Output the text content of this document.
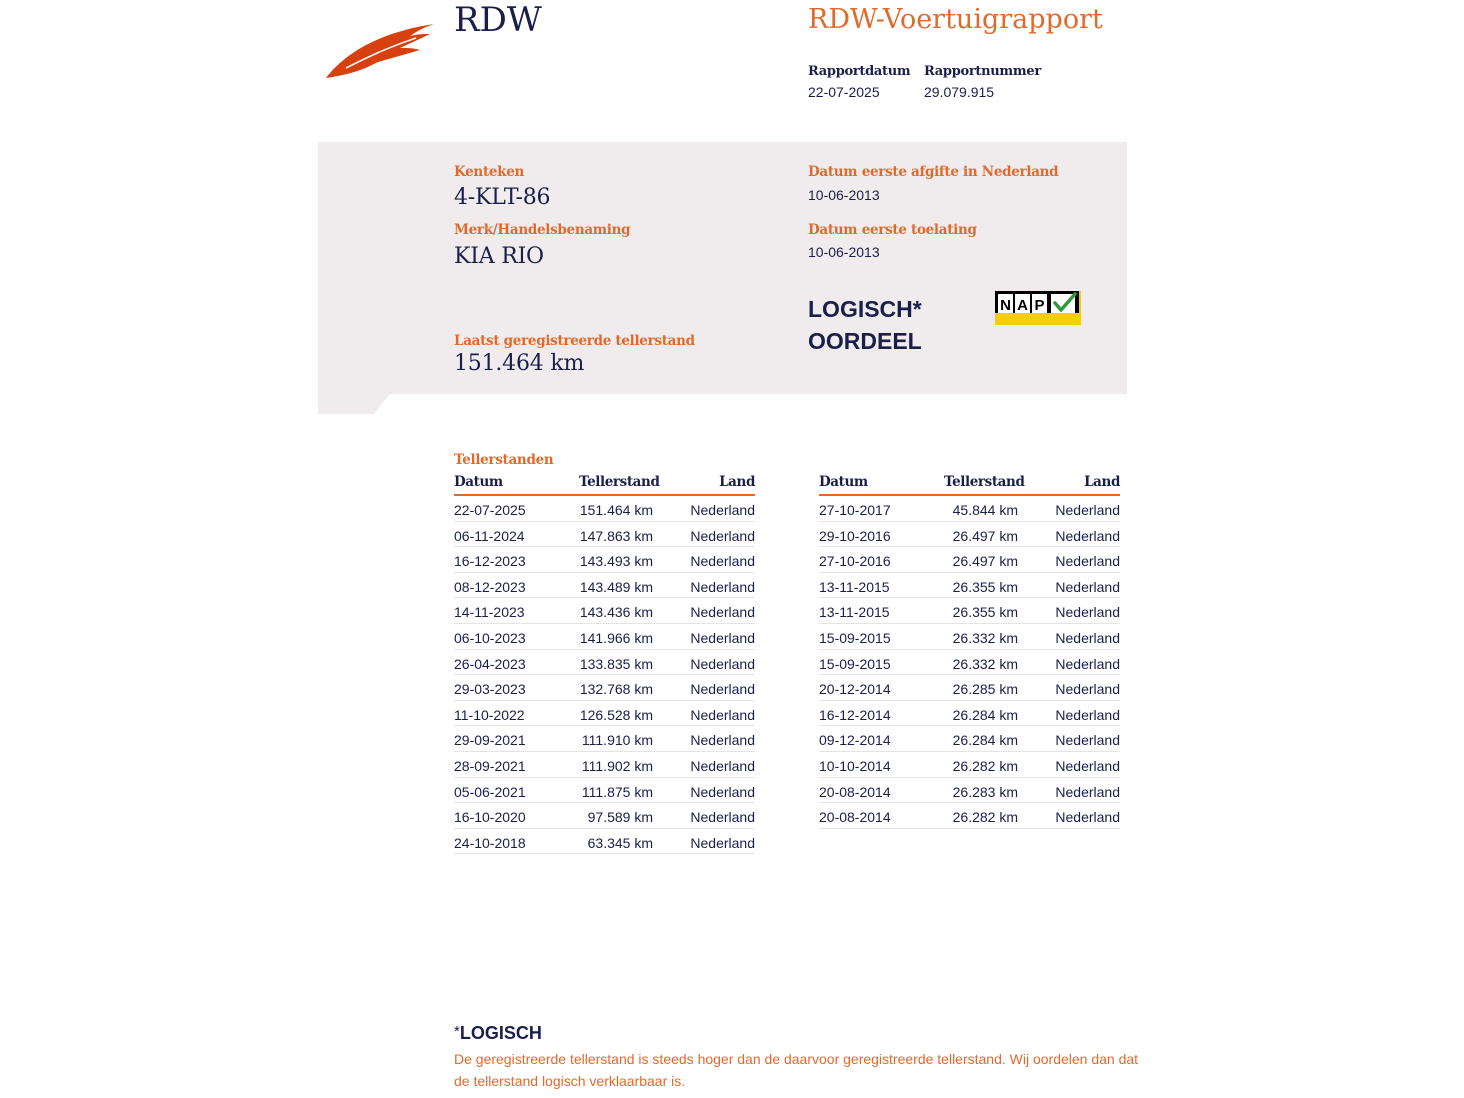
RDW	RDW-Voertuigrapport
Rapportdatum
22-07-2025
Rapportnummer
29.079.915
Kenteken
4-KLT-86
Merk/Handelsbenaming
KIA RIO
Datum eerste afgifte in Nederland
10-06-2013
Datum eerste toelating
10-06-2013
LOGISCH*
OORDEEL
N A P
Laatst geregistreerde tellerstand
151.464 km
Tellerstanden
Datum	Tellerstand	Land
22-07-2025	151.464 km	Nederland
06-11-2024	147.863 km	Nederland
16-12-2023	143.493 km	Nederland
08-12-2023	143.489 km	Nederland
14-11-2023	143.436 km	Nederland
06-10-2023	141.966 km	Nederland
26-04-2023	133.835 km	Nederland
29-03-2023	132.768 km	Nederland
11-10-2022	126.528 km	Nederland
29-09-2021	111.910 km	Nederland
28-09-2021	111.902 km	Nederland
05-06-2021	111.875 km	Nederland
16-10-2020	97.589 km	Nederland
24-10-2018	63.345 km	Nederland
Datum	Tellerstand	Land
27-10-2017	45.844 km	Nederland
29-10-2016	26.497 km	Nederland
27-10-2016	26.497 km	Nederland
13-11-2015	26.355 km	Nederland
13-11-2015	26.355 km	Nederland
15-09-2015	26.332 km	Nederland
15-09-2015	26.332 km	Nederland
20-12-2014	26.285 km	Nederland
16-12-2014	26.284 km	Nederland
09-12-2014	26.284 km	Nederland
10-10-2014	26.282 km	Nederland
20-08-2014	26.283 km	Nederland
20-08-2014	26.282 km	Nederland
*LOGISCH
De geregistreerde tellerstand is steeds hoger dan de daarvoor geregistreerde tellerstand. Wij oordelen dan dat de tellerstand logisch verklaarbaar is.
